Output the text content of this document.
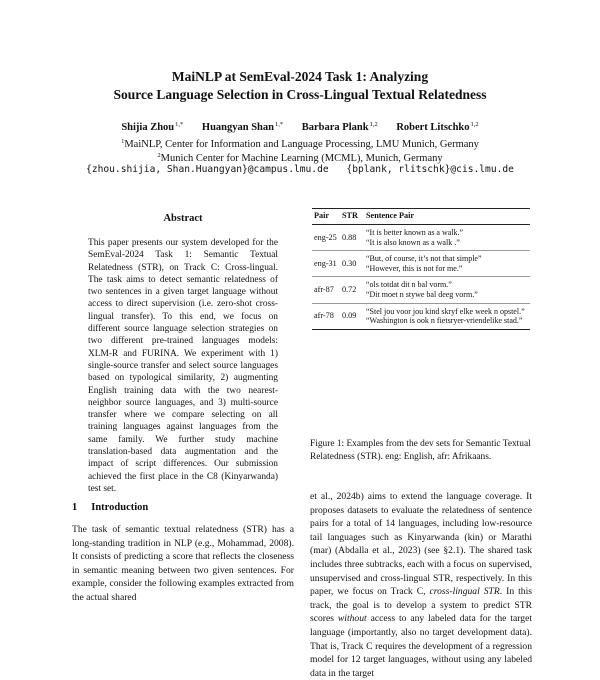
MaiNLP at SemEval-2024 Task 1: Analyzing
Source Language Selection in Cross-Lingual Textual Relatedness
Shijia Zhou$^{1,*}$ Huangyan Shan$^{1,*}$ Barbara Plank$^{1,2}$ Robert Litschko$^{1,2}$
$^1$MaiNLP, Center for Information and Language Processing, LMU Munich, Germany
$^2$Munich Center for Machine Learning (MCML), Munich, Germany
{zhou.shijia, Shan.Huangyan}@campus.lmu.de {bplank, rlitschk}@cis.lmu.de
Abstract
This paper presents our system developed for the SemEval-2024 Task 1: Semantic Textual Relatedness (STR), on Track C: Cross-lingual. The task aims to detect semantic relatedness of two sentences in a given target language without access to direct supervision (i.e. zero-shot cross-lingual transfer). To this end, we focus on different source language selection strategies on two different pre-trained languages models: XLM-R and FURINA. We experiment with 1) single-source transfer and select source languages based on typological similarity, 2) augmenting English training data with the two nearest-neighbor source languages, and 3) multi-source transfer where we compare selecting on all training languages against languages from the same family. We further study machine translation-based data augmentation and the impact of script differences. Our submission achieved the first place in the C8 (Kinyarwanda) test set.
1 Introduction
The task of semantic textual relatedness (STR) has a long-standing tradition in NLP (e.g., Mohammad, 2008). It consists of predicting a score that reflects the closeness in semantic meaning between two given sentences. For example, consider the following examples extracted from the actual shared
Pair	STR	Sentence Pair
eng-25	0.88	“It is better known as a walk.”
“It is also known as a walk .”

eng-31	0.30	“But, of course, it’s not that simple”
“However, this is not for me.”

afr-87	0.72	“ols totdat dit n bal vorm.”
“Dit moet n stywe bal deeg vorm.”

afr-78	0.09	“Stel jou voor jou kind skryf elke week n opstel.”
“Washington is ook n fietsryer-vriendelike stad.”
Figure 1: Examples from the dev sets for Semantic Textual Relatedness (STR). eng: English, afr: Afrikaans.
et al., 2024b) aims to extend the language coverage. It proposes datasets to evaluate the relatedness of sentence pairs for a total of 14 languages, including low-resource tail languages such as Kinyarwanda (kin) or Marathi (mar) (Abdalla et al., 2023) (see §2.1). The shared task includes three subtracks, each with a focus on supervised, unsupervised and cross-lingual STR, respectively. In this paper, we focus on Track C, cross-lingual STR. In this track, the goal is to develop a system to predict STR scores without access to any labeled data for the target language (importantly, also no target development data). That is, Track C requires the development of a regression model for 12 target languages, without using any labeled data in the target
